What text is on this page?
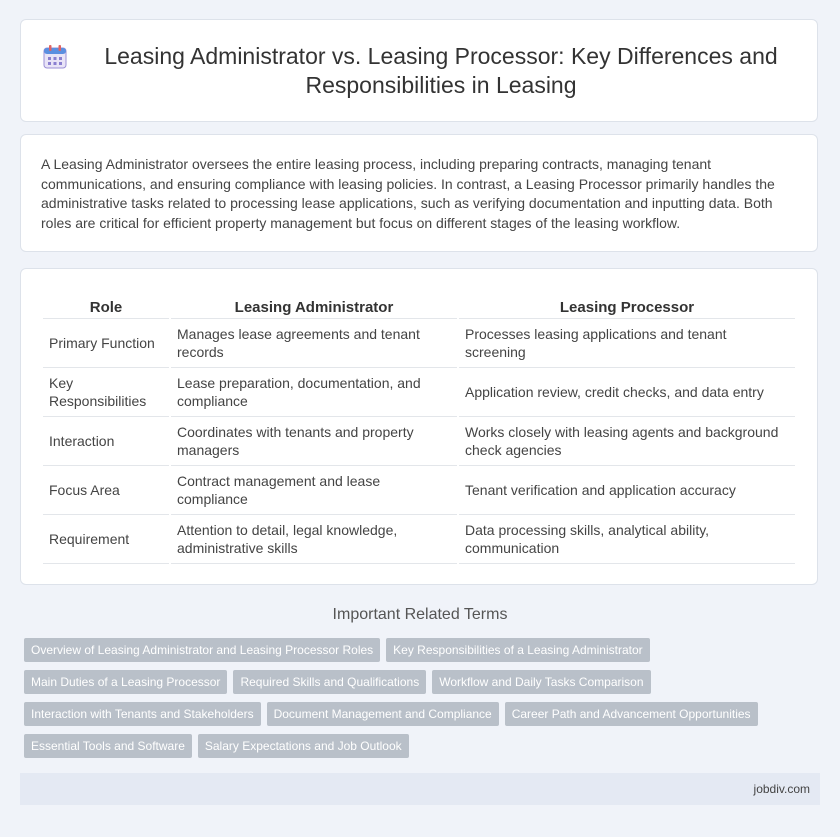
Leasing Administrator vs. Leasing Processor: Key Differences and Responsibilities in Leasing

A Leasing Administrator oversees the entire leasing process, including preparing contracts, managing tenant communications, and ensuring compliance with leasing policies. In contrast, a Leasing Processor primarily handles the administrative tasks related to processing lease applications, such as verifying documentation and inputting data. Both roles are critical for efficient property management but focus on different stages of the leasing workflow.

Role	Leasing Administrator	Leasing Processor
Primary Function	Manages lease agreements and tenant records	Processes leasing applications and tenant screening
Key Responsibilities	Lease preparation, documentation, and compliance	Application review, credit checks, and data entry
Interaction	Coordinates with tenants and property managers	Works closely with leasing agents and background check agencies
Focus Area	Contract management and lease compliance	Tenant verification and application accuracy
Requirement	Attention to detail, legal knowledge, administrative skills	Data processing skills, analytical ability, communication
Important Related Terms
Overview of Leasing Administrator and Leasing Processor Roles	Key Responsibilities of a Leasing Administrator
Main Duties of a Leasing Processor	Required Skills and Qualifications	Workflow and Daily Tasks Comparison
Interaction with Tenants and Stakeholders	Document Management and Compliance	Career Path and Advancement Opportunities
Essential Tools and Software	Salary Expectations and Job Outlook
jobdiv.com
